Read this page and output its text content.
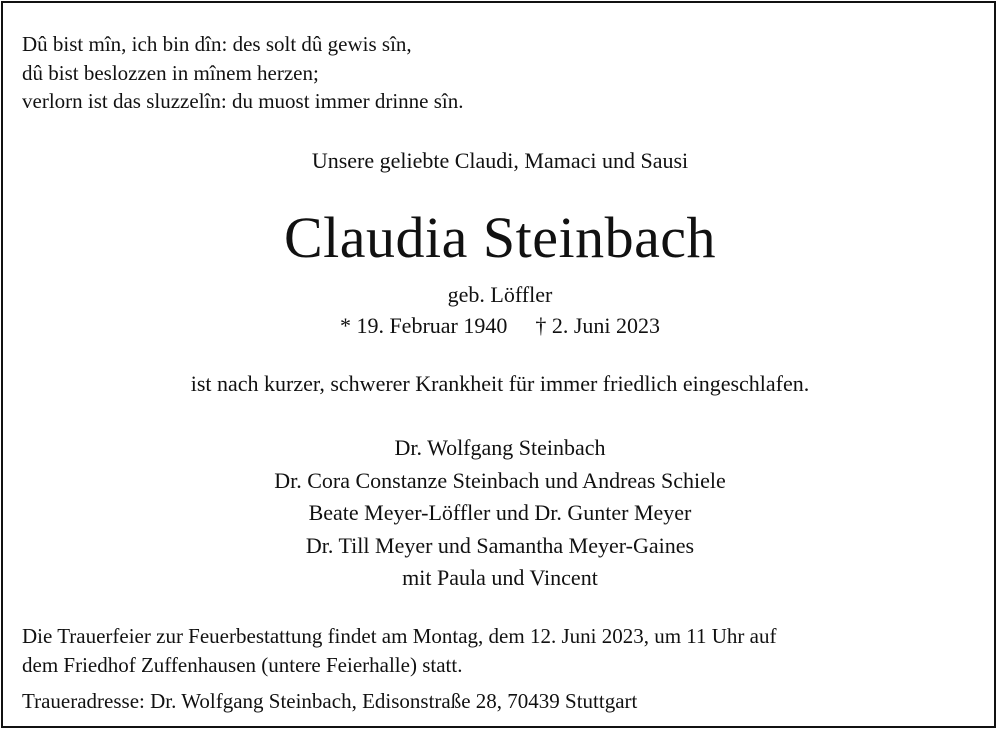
Dû bist mîn, ich bin dîn: des solt dû gewis sîn,
dû bist beslozzen in mînem herzen;
verlorn ist das sluzzelîn: du muost immer drinne sîn.
Unsere geliebte Claudi, Mamaci und Sausi
Claudia Steinbach
geb. Löffler
* 19. Februar 1940 † 2. Juni 2023
ist nach kurzer, schwerer Krankheit für immer friedlich eingeschlafen.
Dr. Wolfgang Steinbach
Dr. Cora Constanze Steinbach und Andreas Schiele
Beate Meyer-Löffler und Dr. Gunter Meyer
Dr. Till Meyer und Samantha Meyer-Gaines
mit Paula und Vincent
Die Trauerfeier zur Feuerbestattung findet am Montag, dem 12. Juni 2023, um 11 Uhr auf
dem Friedhof Zuffenhausen (untere Feierhalle) statt.
Traueradresse: Dr. Wolfgang Steinbach, Edisonstraße 28, 70439 Stuttgart
